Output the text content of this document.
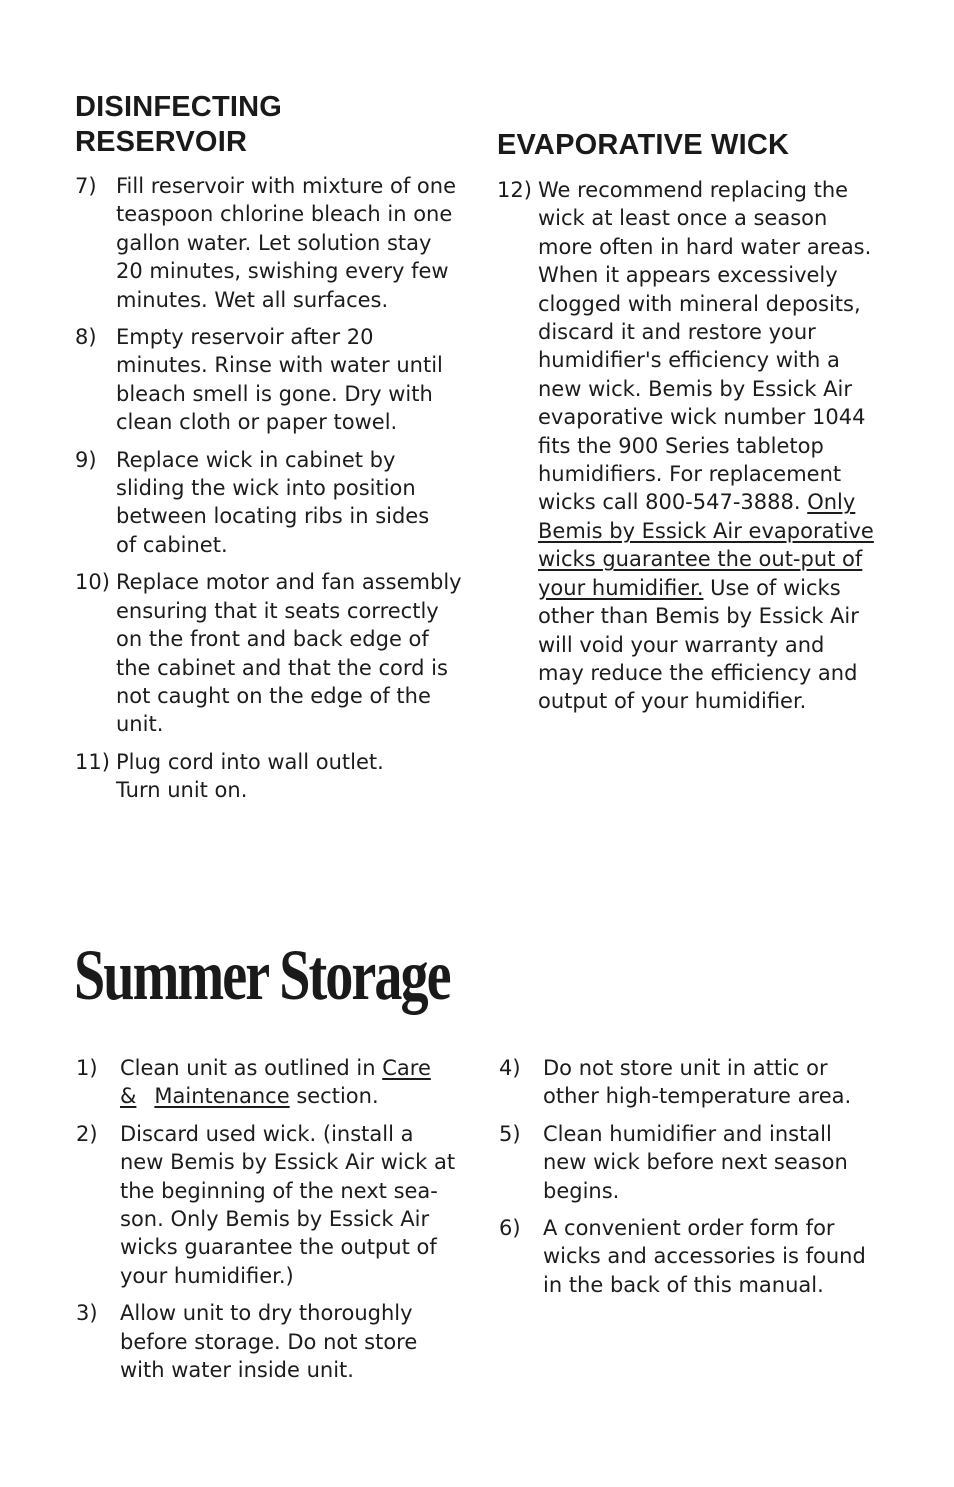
DISINFECTING
RESERVOIR
7) Fill reservoir with mixture of one
teaspoon chlorine bleach in one
gallon water. Let solution stay
20 minutes, swishing every few
minutes. Wet all surfaces.
8) Empty reservoir after 20
minutes. Rinse with water until
bleach smell is gone. Dry with
clean cloth or paper towel.
9) Replace wick in cabinet by
sliding the wick into position
between locating ribs in sides
of cabinet.
10) Replace motor and fan assembly
ensuring that it seats correctly
on the front and back edge of
the cabinet and that the cord is
not caught on the edge of the
unit.
11) Plug cord into wall outlet.
Turn unit on.
EVAPORATIVE WICK
12) We recommend replacing the
wick at least once a season
more often in hard water areas.
When it appears excessively
clogged with mineral deposits,
discard it and restore your
humidifier's efficiency with a
new wick. Bemis by Essick Air
evaporative wick number 1044
fits the 900 Series tabletop
humidifiers. For replacement
wicks call 800-547-3888. Only
Bemis by Essick Air evaporative
wicks guarantee the out-put of
your humidifier. Use of wicks
other than Bemis by Essick Air
will void your warranty and
may reduce the efficiency and
output of your humidifier.
Summer Storage
1) Clean unit as outlined in Care
& Maintenance section.
2) Discard used wick. (install a
new Bemis by Essick Air wick at
the beginning of the next sea-
son. Only Bemis by Essick Air
wicks guarantee the output of
your humidifier.)
3) Allow unit to dry thoroughly
before storage. Do not store
with water inside unit.
4) Do not store unit in attic or
other high-temperature area.
5) Clean humidifier and install
new wick before next season
begins.
6) A convenient order form for
wicks and accessories is found
in the back of this manual.
